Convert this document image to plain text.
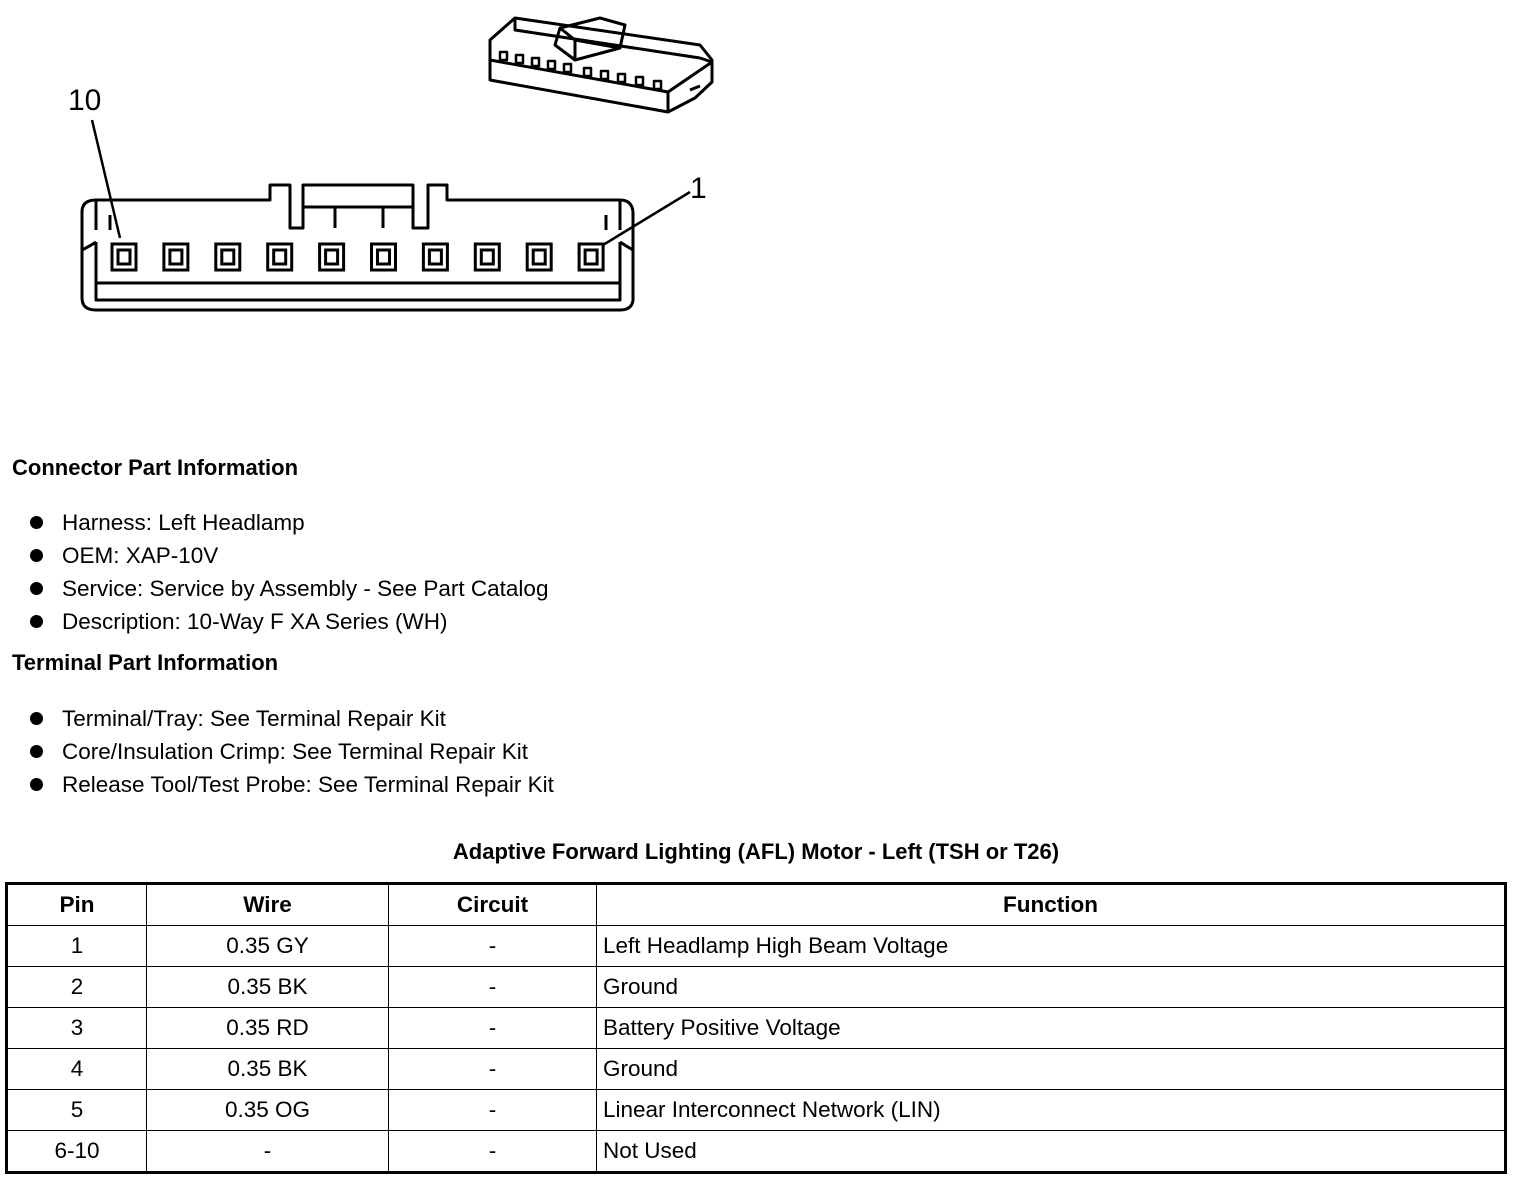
10
1
Connector Part Information
Harness: Left Headlamp
OEM: XAP-10V
Service: Service by Assembly - See Part Catalog
Description: 10-Way F XA Series (WH)
Terminal Part Information
Terminal/Tray: See Terminal Repair Kit
Core/Insulation Crimp: See Terminal Repair Kit
Release Tool/Test Probe: See Terminal Repair Kit
Adaptive Forward Lighting (AFL) Motor - Left (TSH or T26)
Pin	Wire	Circuit	Function
1	0.35 GY	-	Left Headlamp High Beam Voltage
2	0.35 BK	-	Ground
3	0.35 RD	-	Battery Positive Voltage
4	0.35 BK	-	Ground
5	0.35 OG	-	Linear Interconnect Network (LIN)
6-10	-	-	Not Used
